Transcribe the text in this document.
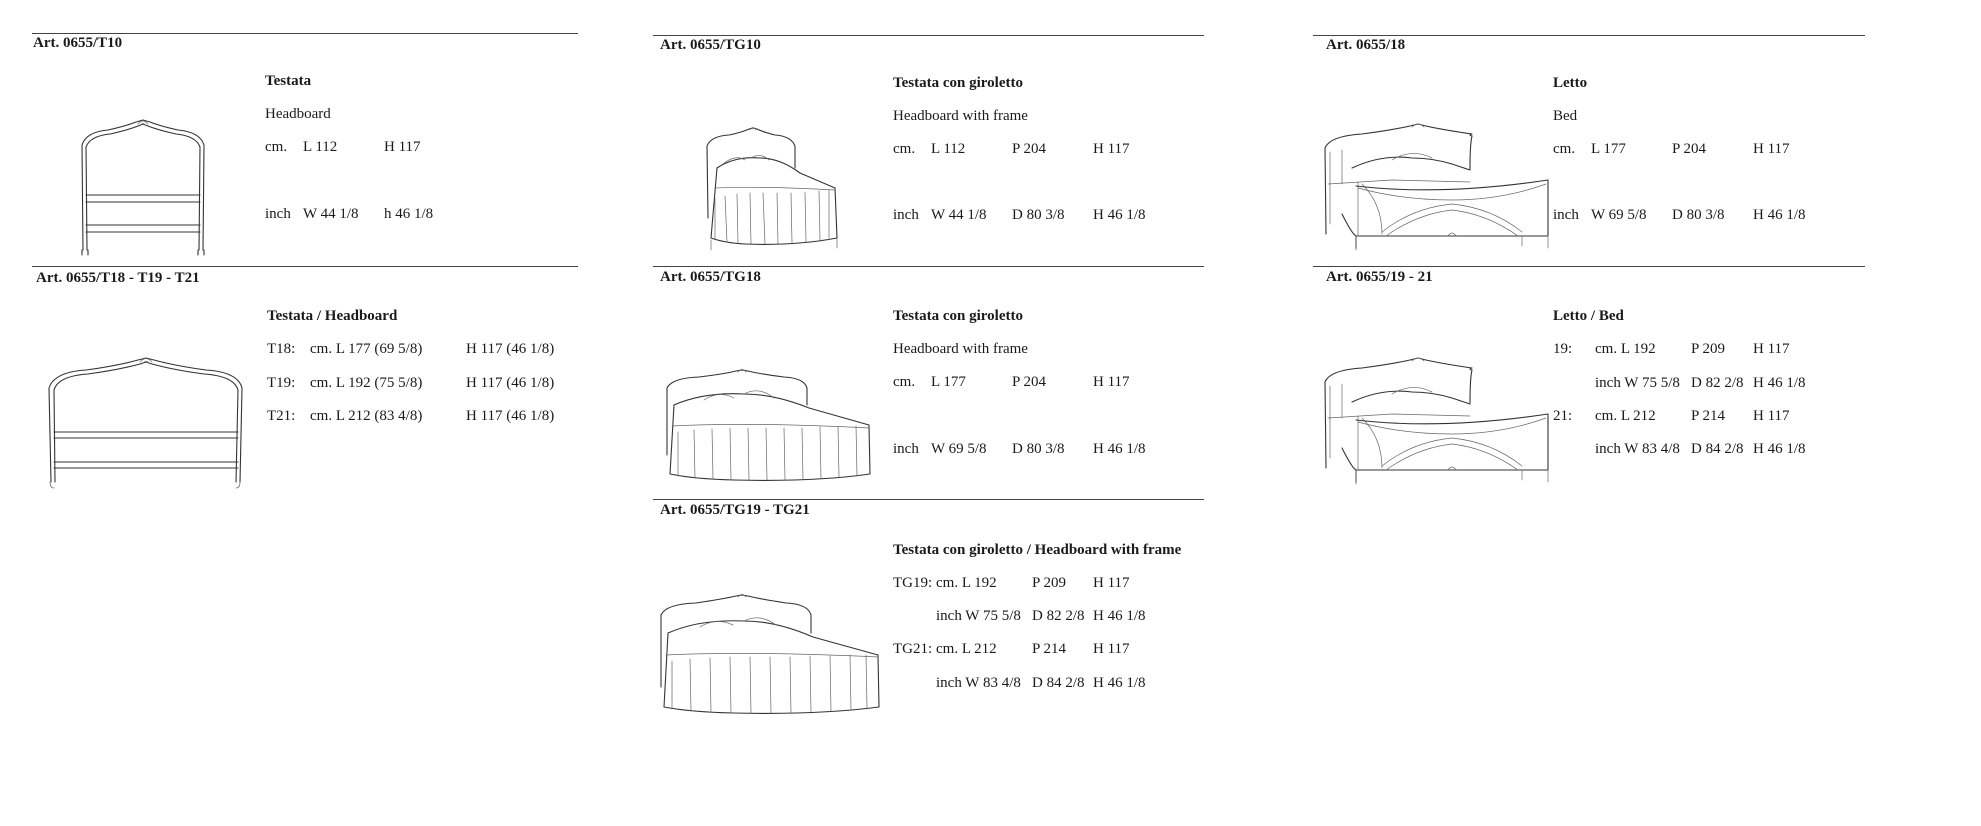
Art. 0655/T10
Testata
Headboard
cm. L 112	H 117
inch W 44 1/8 h 46 1/8
Art. 0655/TG10
Testata con giroletto
Headboard with frame
cm. L 112	P 204	H 117
inch W 44 1/8 D 80 3/8 H 46 1/8
Art. 0655/18
Letto
Bed
cm. L 177	P 204	H 117
inch W 69 5/8 D 80 3/8 H 46 1/8
Art. 0655/T18 - T19 - T21
Testata / Headboard
T18: cm. L 177 (69 5/8)	H 117 (46 1/8)
T19: cm. L 192 (75 5/8)	H 117 (46 1/8)
T21: cm. L 212 (83 4/8)	H 117 (46 1/8)
Art. 0655/TG18
Testata con giroletto
Headboard with frame
cm. L 177	P 204	H 117
inch W 69 5/8 D 80 3/8 H 46 1/8
Art. 0655/19 - 21
Letto / Bed
19: cm. L 192 P 209 H 117
inch W 75 5/8 D 82 2/8 H 46 1/8
21: cm. L 212 P 214 H 117
inch W 83 4/8 D 84 2/8 H 46 1/8
Art. 0655/TG19 - TG21
Testata con giroletto / Headboard with frame
TG19: cm. L 192 P 209 H 117
inch W 75 5/8 D 82 2/8 H 46 1/8
TG21: cm. L 212 P 214 H 117
inch W 83 4/8 D 84 2/8 H 46 1/8
